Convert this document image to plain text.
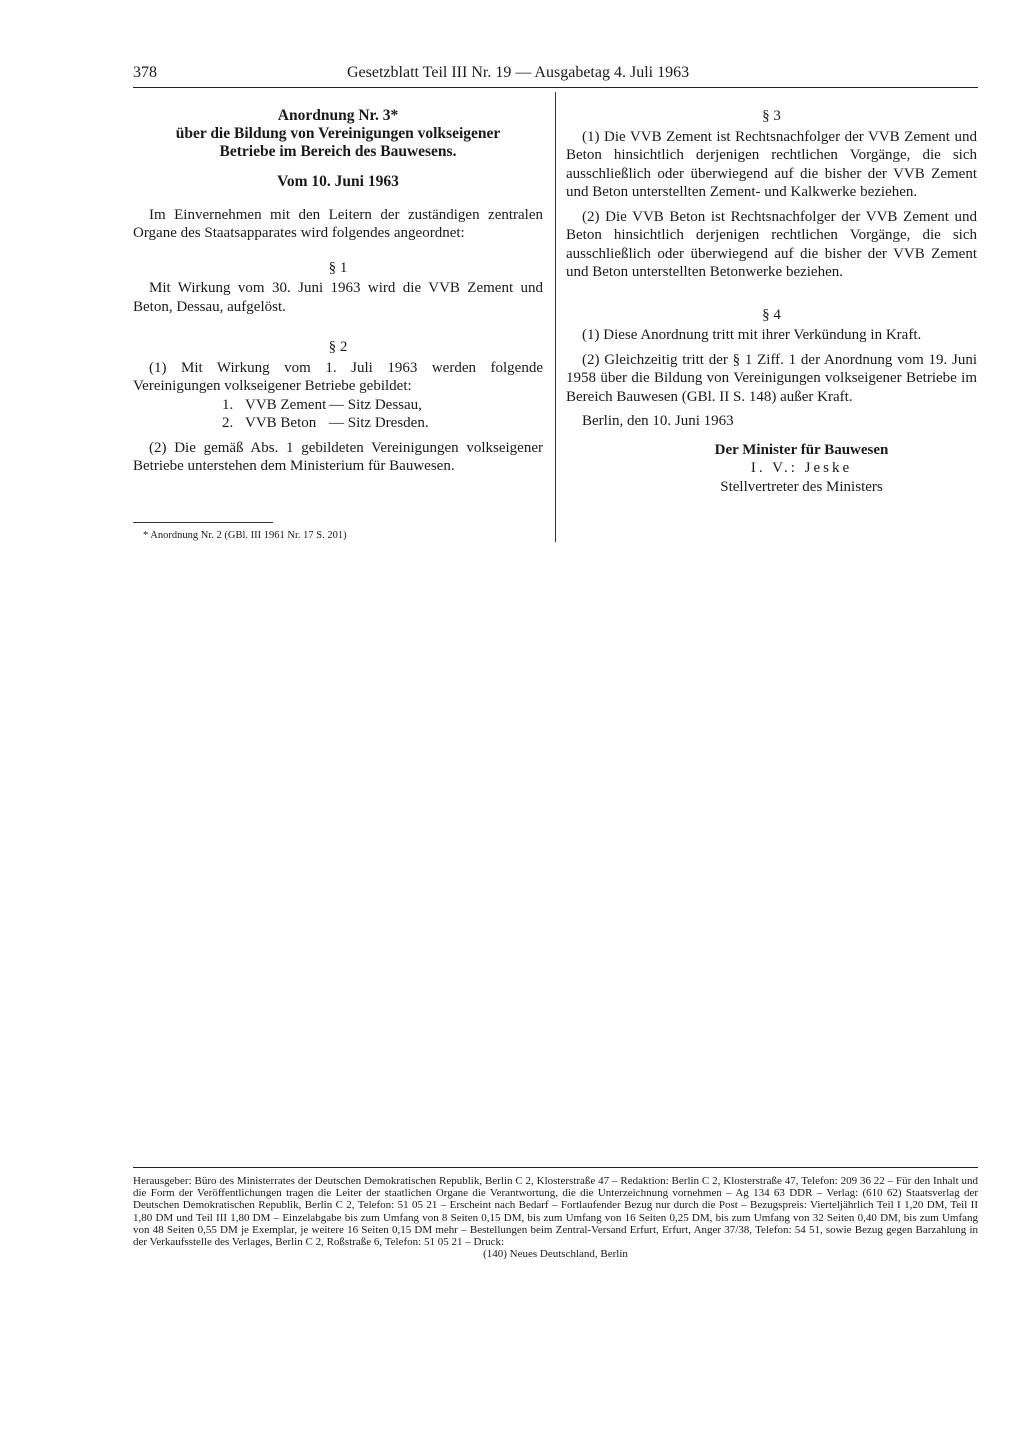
378	Gesetzblatt Teil III Nr. 19 — Ausgabetag 4. Juli 1963
Anordnung Nr. 3*
über die Bildung von Vereinigungen volkseigener
Betriebe im Bereich des Bauwesens.
Vom 10. Juni 1963

Im Einvernehmen mit den Leitern der zuständigen zentralen Organe des Staatsapparates wird folgendes angeordnet:

§ 1

Mit Wirkung vom 30. Juni 1963 wird die VVB Zement und Beton, Dessau, aufgelöst.

§ 2

(1) Mit Wirkung vom 1. Juli 1963 werden folgende Vereinigungen volkseigener Betriebe gebildet:

1. VVB Zement — Sitz Dessau,
2. VVB Beton — Sitz Dresden.

(2) Die gemäß Abs. 1 gebildeten Vereinigungen volkseigener Betriebe unterstehen dem Ministerium für Bauwesen.

* Anordnung Nr. 2 (GBl. III 1961 Nr. 17 S. 201)
§ 3

(1) Die VVB Zement ist Rechtsnachfolger der VVB Zement und Beton hinsichtlich derjenigen rechtlichen Vorgänge, die sich ausschließlich oder überwiegend auf die bisher der VVB Zement und Beton unterstellten Zement- und Kalkwerke beziehen.

(2) Die VVB Beton ist Rechtsnachfolger der VVB Zement und Beton hinsichtlich derjenigen rechtlichen Vorgänge, die sich ausschließlich oder überwiegend auf die bisher der VVB Zement und Beton unterstellten Betonwerke beziehen.

§ 4

(1) Diese Anordnung tritt mit ihrer Verkündung in Kraft.

(2) Gleichzeitig tritt der § 1 Ziff. 1 der Anordnung vom 19. Juni 1958 über die Bildung von Vereinigungen volkseigener Betriebe im Bereich Bauwesen (GBl. II S. 148) außer Kraft.

Berlin, den 10. Juni 1963

Der Minister für Bauwesen
I. V.: Jeske
Stellvertreter des Ministers
Herausgeber: Büro des Ministerrates der Deutschen Demokratischen Republik, Berlin C 2, Klosterstraße 47 – Redaktion: Berlin C 2, Klosterstraße 47, Telefon: 209 36 22 – Für den Inhalt und die Form der Veröffentlichungen tragen die Leiter der staatlichen Organe die Verantwortung, die die Unterzeichnung vornehmen – Ag 134 63 DDR – Verlag: (610 62) Staatsverlag der Deutschen Demokratischen Republik, Berlin C 2, Telefon: 51 05 21 – Erscheint nach Bedarf – Fortlaufender Bezug nur durch die Post – Bezugspreis: Vierteljährlich Teil I 1,20 DM, Teil II 1,80 DM und Teil III 1,80 DM – Einzelabgabe bis zum Umfang von 8 Seiten 0,15 DM, bis zum Umfang von 16 Seiten 0,25 DM, bis zum Umfang von 32 Seiten 0,40 DM, bis zum Umfang von 48 Seiten 0,55 DM je Exemplar, je weitere 16 Seiten 0,15 DM mehr – Bestellungen beim Zentral-Versand Erfurt, Erfurt, Anger 37/38, Telefon: 54 51, sowie Bezug gegen Barzahlung in der Verkaufsstelle des Verlages, Berlin C 2, Roßstraße 6, Telefon: 51 05 21 – Druck:
(140) Neues Deutschland, Berlin
